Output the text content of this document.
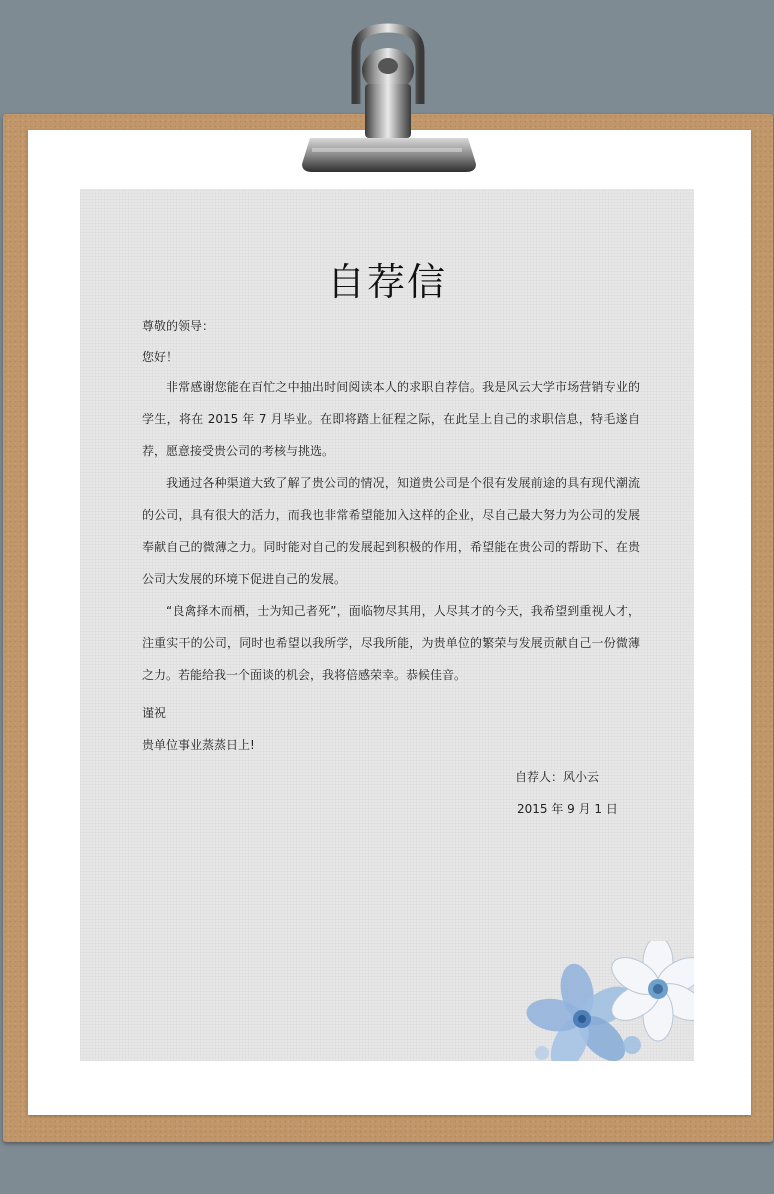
自荐信
尊敬的领导：
您好！
非常感谢您能在百忙之中抽出时间阅读本人的求职自荐信。我是风云大学市场营销专业的学生，将在 2015 年 7 月毕业。在即将踏上征程之际，在此呈上自己的求职信息，特毛遂自荐，愿意接受贵公司的考核与挑选。
我通过各种渠道大致了解了贵公司的情况，知道贵公司是个很有发展前途的具有现代潮流的公司，具有很大的活力，而我也非常希望能加入这样的企业，尽自己最大努力为公司的发展奉献自己的微薄之力。同时能对自己的发展起到积极的作用，希望能在贵公司的帮助下、在贵公司大发展的环境下促进自己的发展。
“良禽择木而栖，士为知己者死”，面临物尽其用，人尽其才的今天，我希望到重视人才，注重实干的公司，同时也希望以我所学，尽我所能，为贵单位的繁荣与发展贡献自己一份微薄之力。若能给我一个面谈的机会，我将倍感荣幸。恭候佳音。
谨祝
贵单位事业蒸蒸日上!
自荐人：风小云
2015 年 9 月 1 日
